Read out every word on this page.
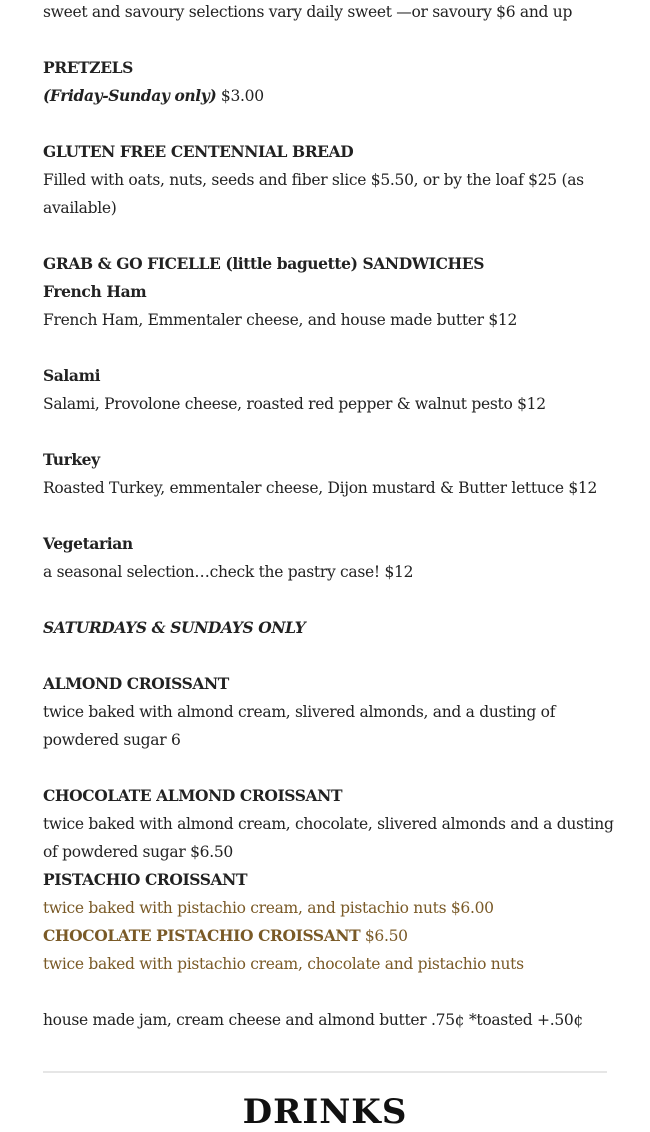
sweet and savoury selections vary daily sweet —or savoury $6 and up
PRETZELS
(Friday-Sunday only) $3.00
GLUTEN FREE CENTENNIAL BREAD
Filled with oats, nuts, seeds and fiber slice $5.50, or by the loaf $25 (as
available)
GRAB & GO FICELLE (little baguette) SANDWICHES
French Ham
French Ham, Emmentaler cheese, and house made butter $12
Salami
Salami, Provolone cheese, roasted red pepper & walnut pesto $12
Turkey
Roasted Turkey, emmentaler cheese, Dijon mustard & Butter lettuce $12
Vegetarian
a seasonal selection…check the pastry case! $12
SATURDAYS & SUNDAYS ONLY
ALMOND CROISSANT
twice baked with almond cream, slivered almonds, and a dusting of
powdered sugar 6
CHOCOLATE ALMOND CROISSANT
twice baked with almond cream, chocolate, slivered almonds and a dusting
of powdered sugar $6.50
PISTACHIO CROISSANT
twice baked with pistachio cream, and pistachio nuts $6.00
CHOCOLATE PISTACHIO CROISSANT $6.50
twice baked with pistachio cream, chocolate and pistachio nuts
house made jam, cream cheese and almond butter .75¢ *toasted +.50¢
DRINKS
